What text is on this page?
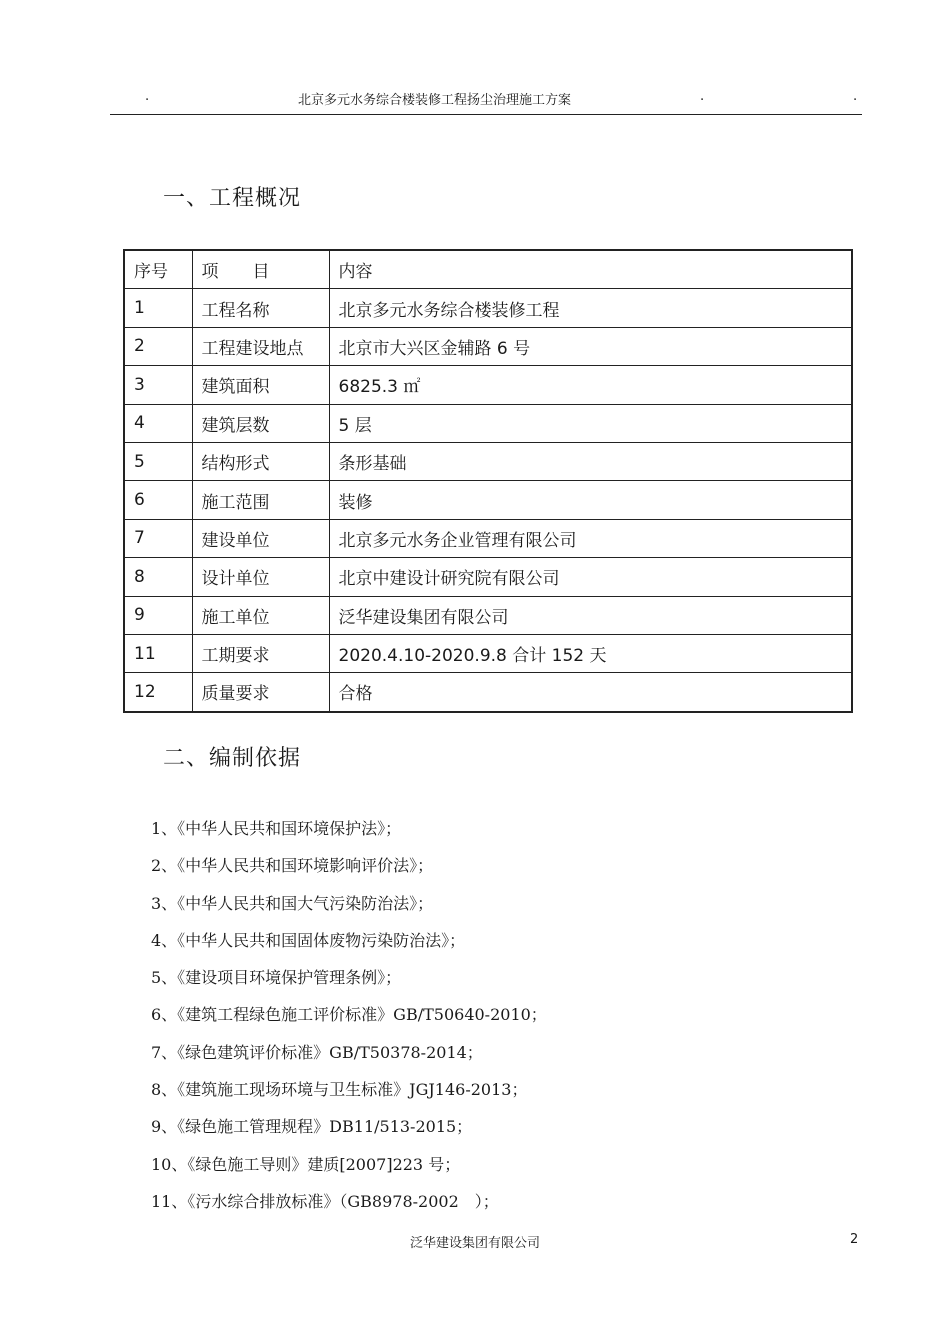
.	北京多元水务综合楼装修工程扬尘治理施工方案	.	.
一、工程概况
序号	项　　目	内容
1	工程名称	北京多元水务综合楼装修工程
2	工程建设地点	北京市大兴区金辅路 6 号
3	建筑面积	6825.3 ㎡
4	建筑层数	5 层
5	结构形式	条形基础
6	施工范围	装修
7	建设单位	北京多元水务企业管理有限公司
8	设计单位	北京中建设计研究院有限公司
9	施工单位	泛华建设集团有限公司
11	工期要求	2020.4.10-2020.9.8 合计 152 天
12	质量要求	合格
二、编制依据
1、《中华人民共和国环境保护法》；
2、《中华人民共和国环境影响评价法》；
3、《中华人民共和国大气污染防治法》；
4、《中华人民共和国固体废物污染防治法》；
5、《建设项目环境保护管理条例》；
6、《建筑工程绿色施工评价标准》GB/T50640-2010；
7、《绿色建筑评价标准》GB/T50378-2014；
8、《建筑施工现场环境与卫生标准》JGJ146-2013；
9、《绿色施工管理规程》DB11/513-2015；
10、《绿色施工导则》建质[2007]223 号；
11、《污水综合排放标准》（GB8978-2002　）；
泛华建设集团有限公司	2
